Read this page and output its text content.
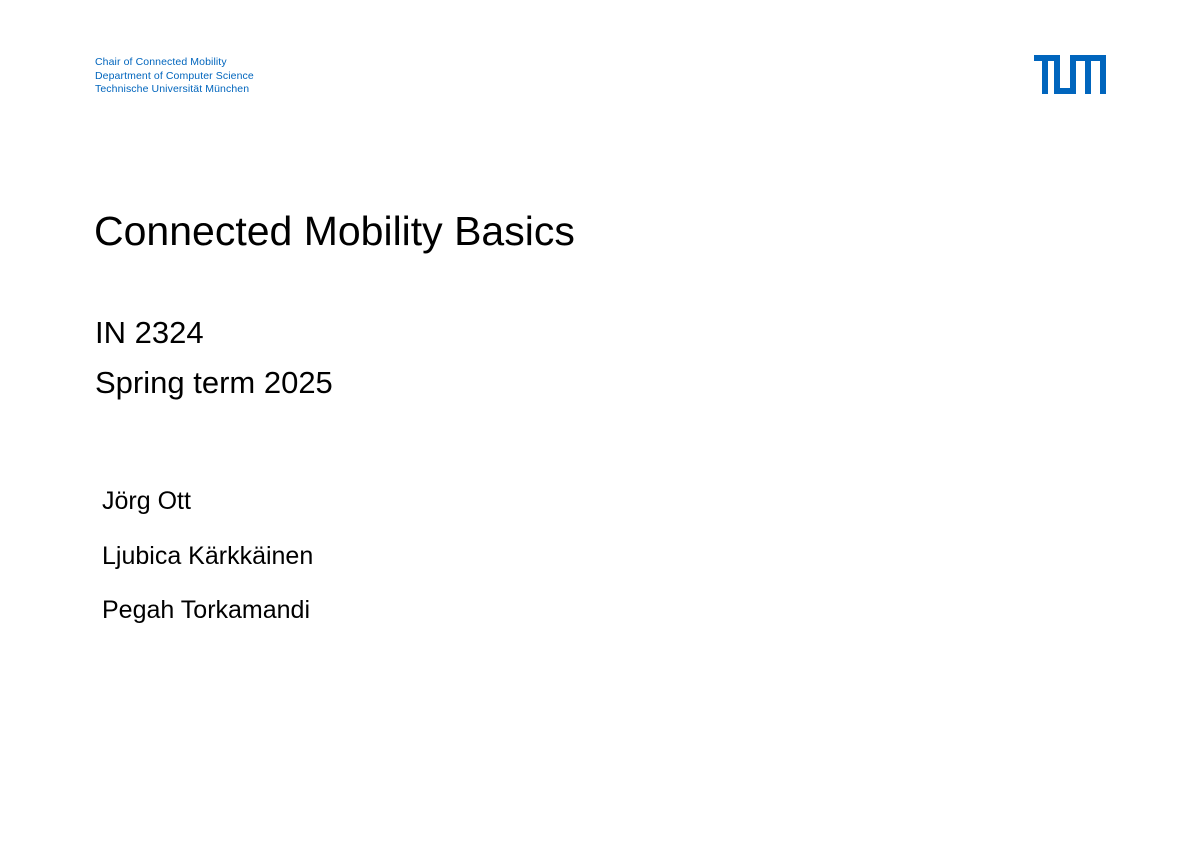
Chair of Connected Mobility
Department of Computer Science
Technische Universität München
Connected Mobility Basics
IN 2324
Spring term 2025
Jörg Ott
Ljubica Kärkkäinen
Pegah Torkamandi
